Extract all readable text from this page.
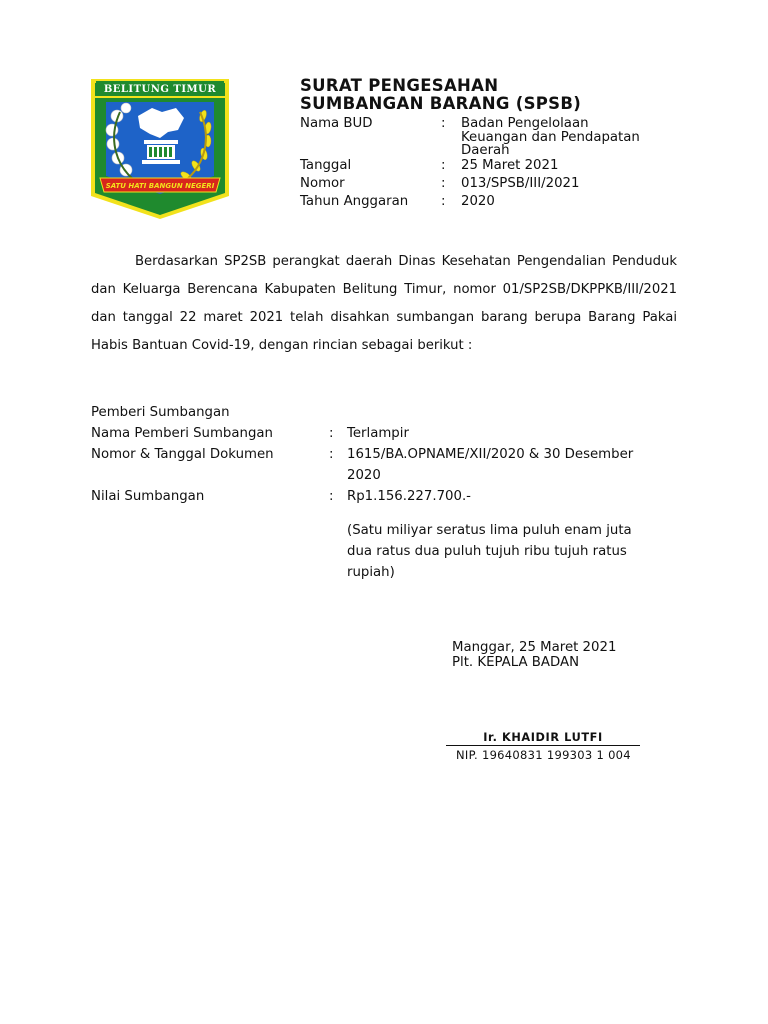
BELITUNG TIMUR
SATU HATI BANGUN NEGERI
SURAT PENGESAHAN
SUMBANGAN BARANG (SPSB)
Nama BUD	: Badan Pengelolaan
Keuangan dan Pendapatan
Daerah
Tanggal	: 25 Maret 2021
Nomor	: 013/SPSB/III/2021
Tahun Anggaran : 2020

Berdasarkan SP2SB perangkat daerah Dinas Kesehatan Pengendalian Penduduk dan Keluarga Berencana Kabupaten Belitung Timur, nomor 01/SP2SB/DKPPKB/III/2021 dan tanggal 22 maret 2021 telah disahkan sumbangan barang berupa Barang Pakai Habis Bantuan Covid-19, dengan rincian sebagai berikut :

Pemberi Sumbangan
Nama Pemberi Sumbangan	: Terlampir
Nomor & Tanggal Dokumen	: 1615/BA.OPNAME/XII/2020 & 30 Desember 2020
Nilai Sumbangan	: Rp1.156.227.700.-
(Satu miliyar seratus lima puluh enam juta dua ratus dua puluh tujuh ribu tujuh ratus rupiah)
Manggar, 25 Maret 2021
Plt. KEPALA BADAN
Ir. KHAIDIR LUTFI
NIP. 19640831 199303 1 004
